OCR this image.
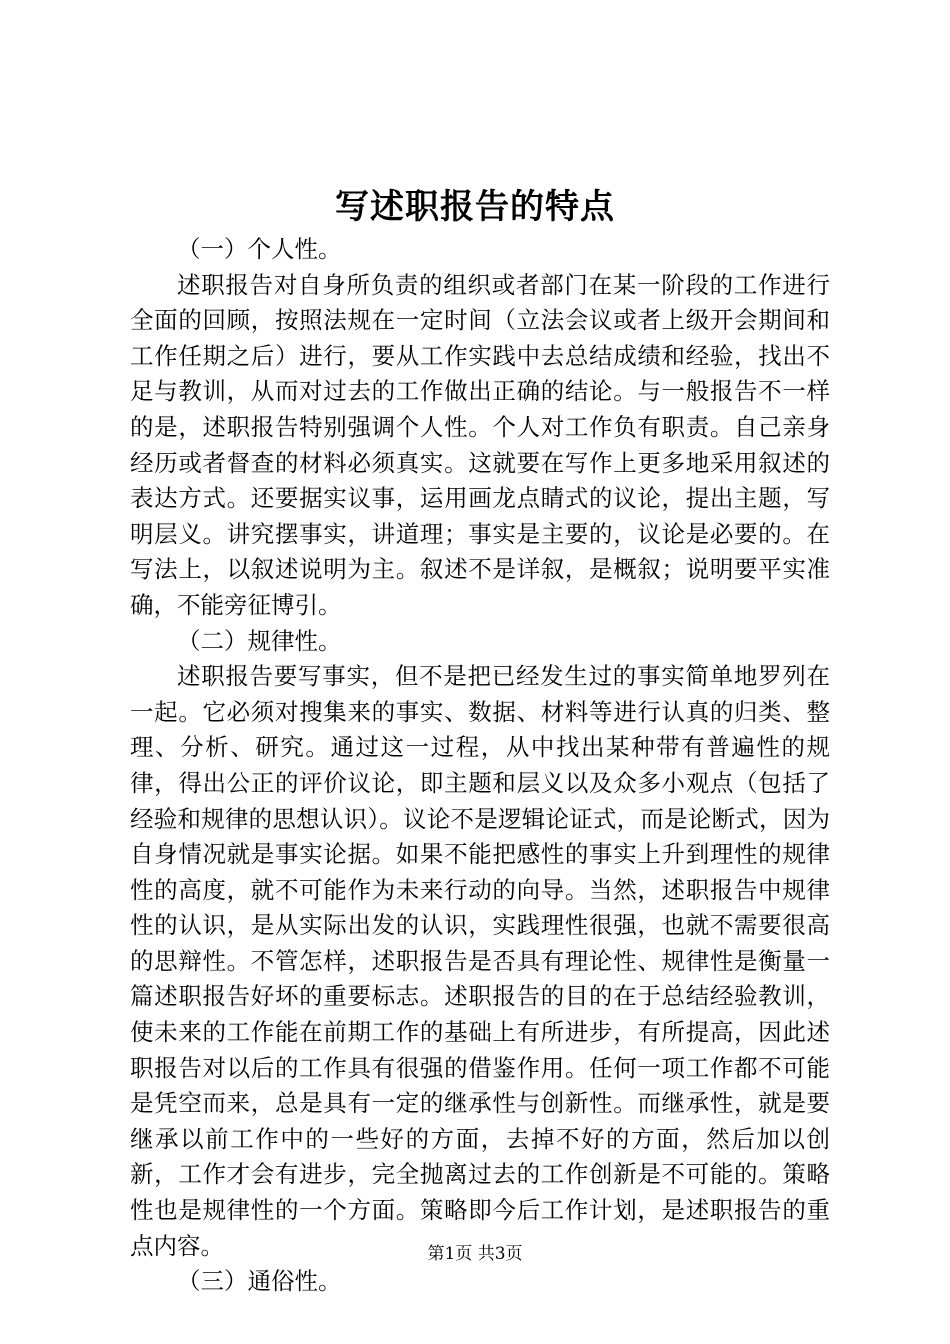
写述职报告的特点

（一）个人性。

述职报告对自身所负责的组织或者部门在某一阶段的工作进行全面的回顾，按照法规在一定时间（立法会议或者上级开会期间和工作任期之后）进行，要从工作实践中去总结成绩和经验，找出不足与教训，从而对过去的工作做出正确的结论。与一般报告不一样的是，述职报告特别强调个人性。个人对工作负有职责。自己亲身经历或者督查的材料必须真实。这就要在写作上更多地采用叙述的表达方式。还要据实议事，运用画龙点睛式的议论，提出主题，写明层义。讲究摆事实，讲道理；事实是主要的，议论是必要的。在写法上，以叙述说明为主。叙述不是详叙，是概叙；说明要平实准确，不能旁征博引。

（二）规律性。

述职报告要写事实，但不是把已经发生过的事实简单地罗列在一起。它必须对搜集来的事实、数据、材料等进行认真的归类、整理、分析、研究。通过这一过程，从中找出某种带有普遍性的规律，得出公正的评价议论，即主题和层义以及众多小观点（包括了经验和规律的思想认识）。议论不是逻辑论证式，而是论断式，因为自身情况就是事实论据。如果不能把感性的事实上升到理性的规律性的高度，就不可能作为未来行动的向导。当然，述职报告中规律性的认识，是从实际出发的认识，实践理性很强，也就不需要很高的思辩性。不管怎样，述职报告是否具有理论性、规律性是衡量一篇述职报告好坏的重要标志。述职报告的目的在于总结经验教训，使未来的工作能在前期工作的基础上有所进步，有所提高，因此述职报告对以后的工作具有很强的借鉴作用。任何一项工作都不可能是凭空而来，总是具有一定的继承性与创新性。而继承性，就是要继承以前工作中的一些好的方面，去掉不好的方面，然后加以创新，工作才会有进步，完全抛离过去的工作创新是不可能的。策略性也是规律性的一个方面。策略即今后工作计划，是述职报告的重点内容。

（三）通俗性。

第1页 共3页
